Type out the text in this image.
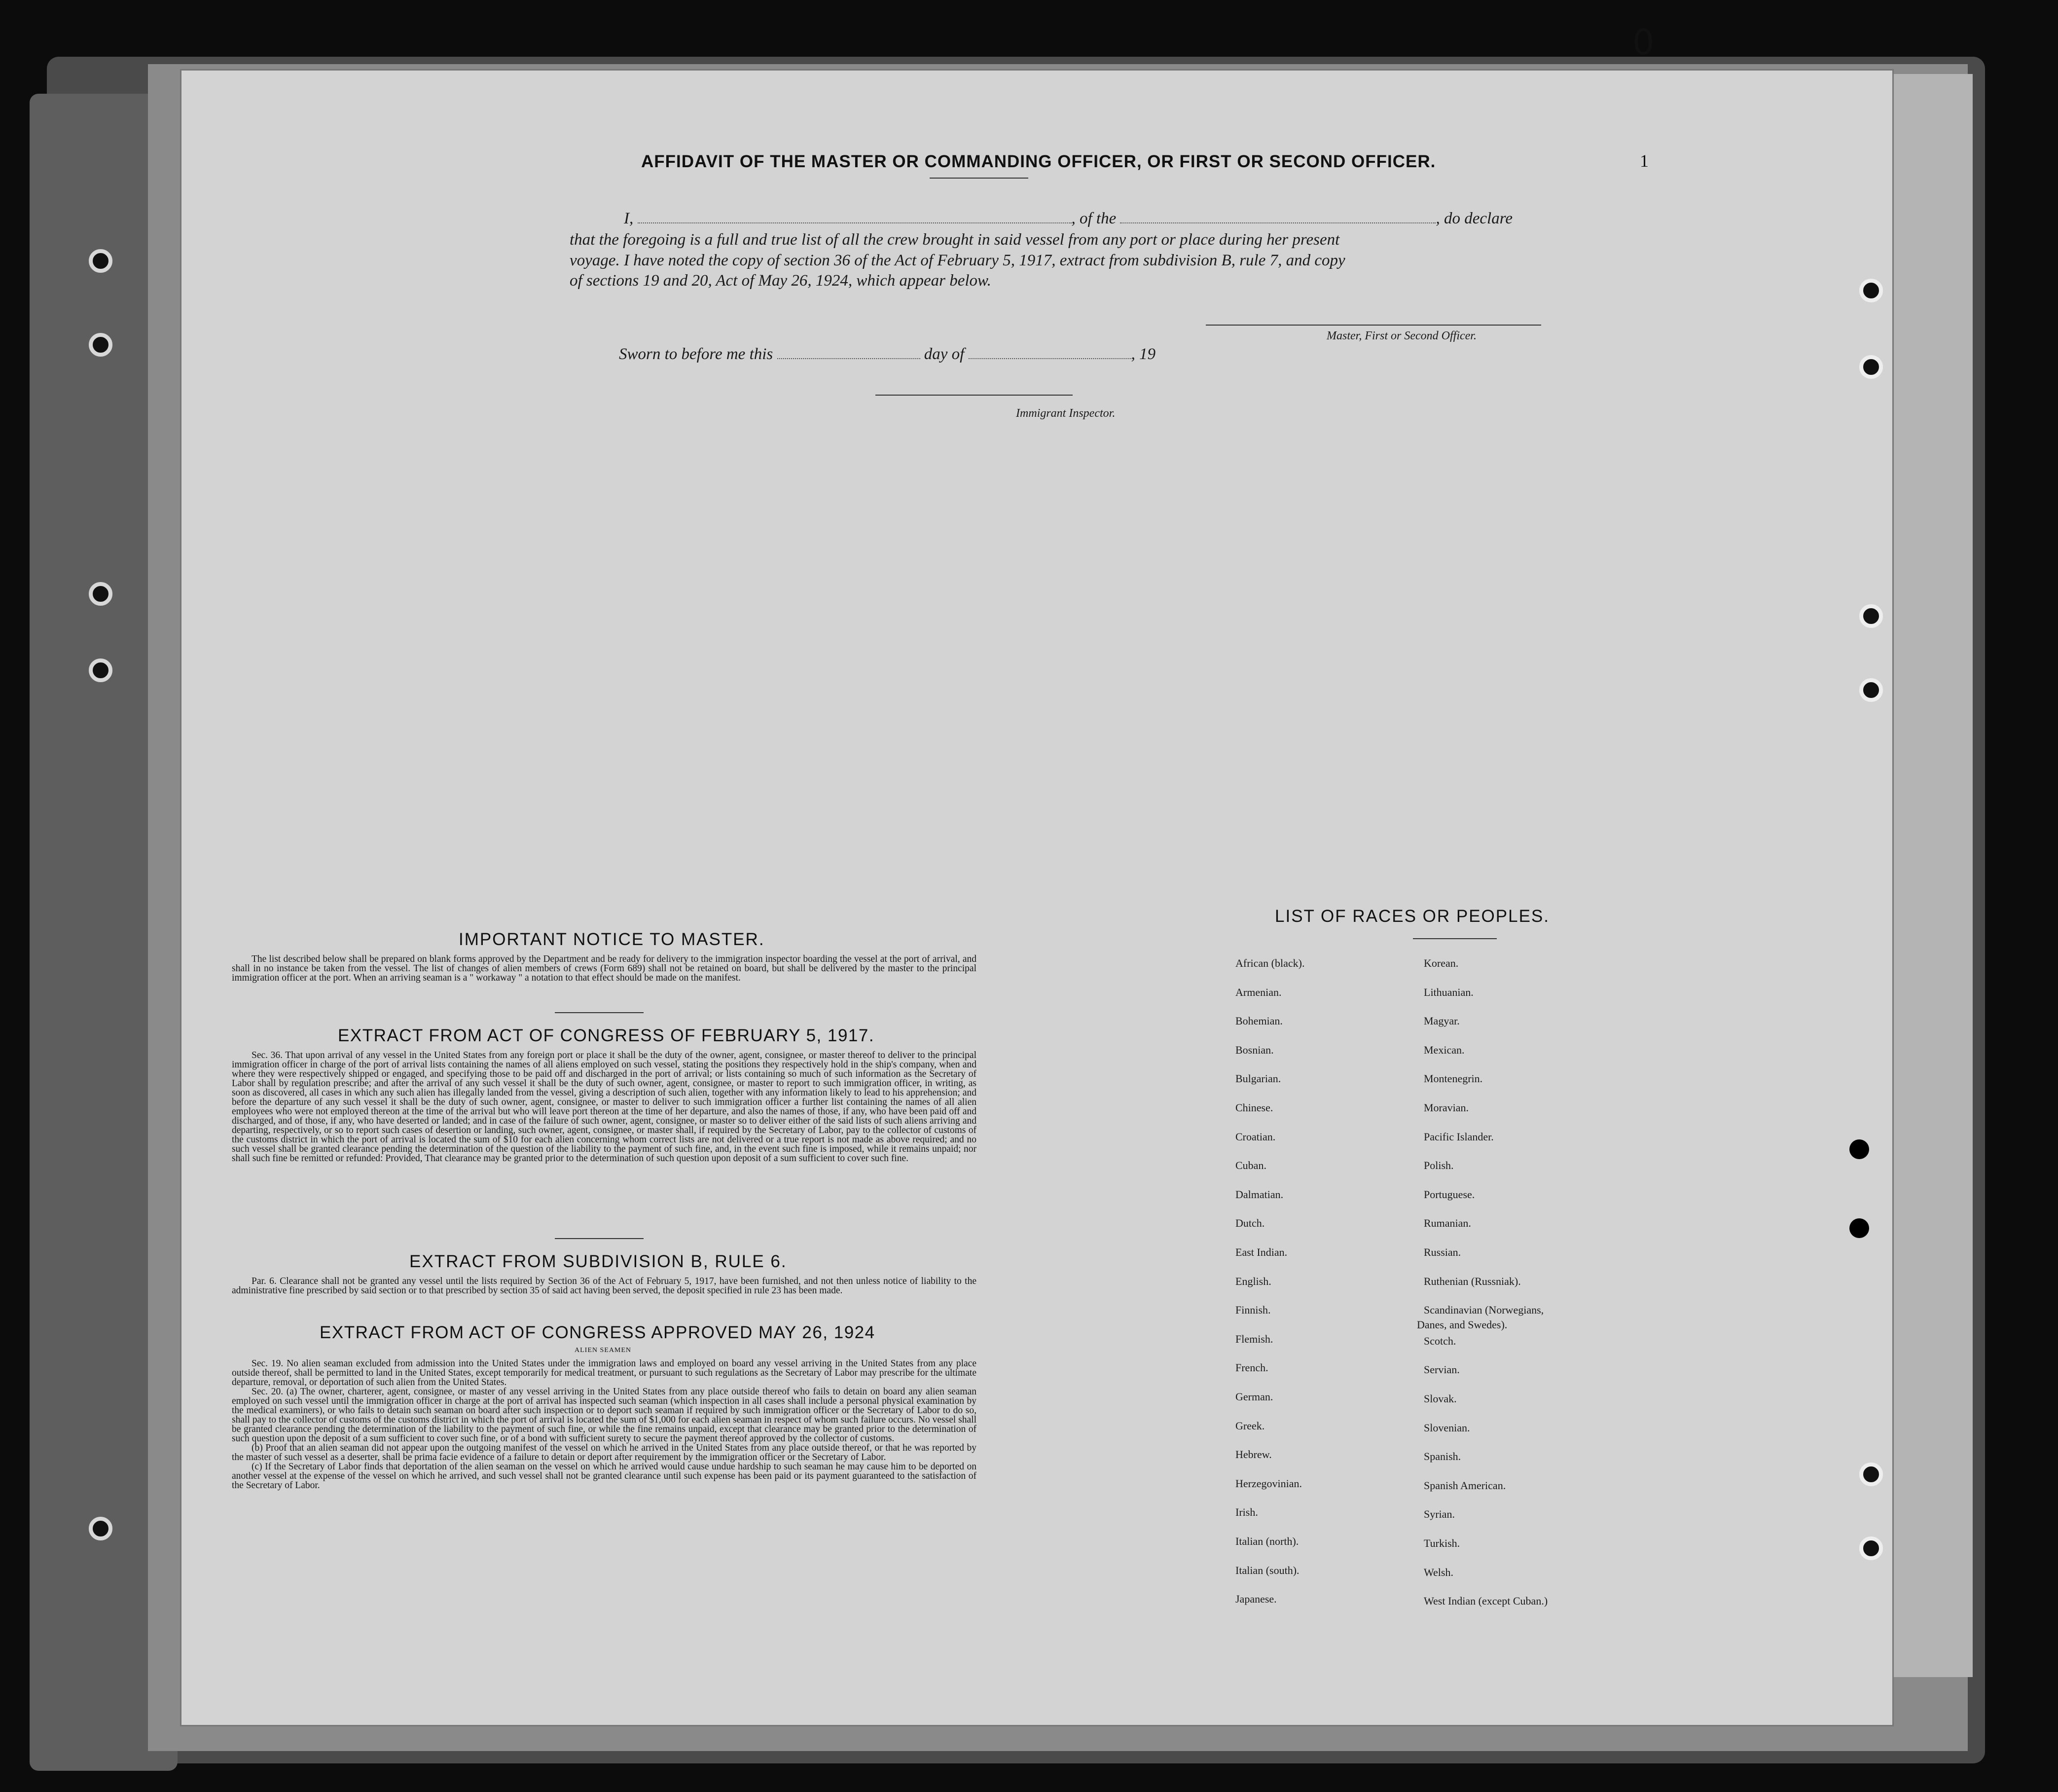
0
AFFIDAVIT OF THE MASTER OR COMMANDING OFFICER, OR FIRST OR SECOND OFFICER.	1
I,	, of the	, do declare
that the foregoing is a full and true list of all the crew brought in said vessel from any port or place during her present
voyage. I have noted the copy of section 36 of the Act of February 5, 1917, extract from subdivision B, rule 7, and copy
of sections 19 and 20, Act of May 26, 1924, which appear below.
Master, First or Second Officer.
Sworn to before me this	day of	, 19
Immigrant Inspector.
IMPORTANT NOTICE TO MASTER.

The list described below shall be prepared on blank forms approved by the Department and be ready for delivery to the immigration inspector boarding the vessel at the port of arrival, and shall in no instance be taken from the vessel. The list of changes of alien members of crews (Form 689) shall not be retained on board, but shall be delivered by the master to the principal immigration officer at the port. When an arriving seaman is a " workaway " a notation to that effect should be made on the manifest.

EXTRACT FROM ACT OF CONGRESS OF FEBRUARY 5, 1917.

Sec. 36. That upon arrival of any vessel in the United States from any foreign port or place it shall be the duty of the owner, agent, consignee, or master thereof to deliver to the principal immigration officer in charge of the port of arrival lists containing the names of all aliens employed on such vessel, stating the positions they respectively hold in the ship's company, when and where they were respectively shipped or engaged, and specifying those to be paid off and discharged in the port of arrival; or lists containing so much of such information as the Secretary of Labor shall by regulation prescribe; and after the arrival of any such vessel it shall be the duty of such owner, agent, consignee, or master to report to such immigration officer, in writing, as soon as discovered, all cases in which any such alien has illegally landed from the vessel, giving a description of such alien, together with any information likely to lead to his apprehension; and before the departure of any such vessel it shall be the duty of such owner, agent, consignee, or master to deliver to such immigration officer a further list containing the names of all alien employees who were not employed thereon at the time of the arrival but who will leave port thereon at the time of her departure, and also the names of those, if any, who have been paid off and discharged, and of those, if any, who have deserted or landed; and in case of the failure of such owner, agent, consignee, or master so to deliver either of the said lists of such aliens arriving and departing, respectively, or so to report such cases of desertion or landing, such owner, agent, consignee, or master shall, if required by the Secretary of Labor, pay to the collector of customs of the customs district in which the port of arrival is located the sum of $10 for each alien concerning whom correct lists are not delivered or a true report is not made as above required; and no such vessel shall be granted clearance pending the determination of the question of the liability to the payment of such fine, and, in the event such fine is imposed, while it remains unpaid; nor shall such fine be remitted or refunded: Provided, That clearance may be granted prior to the determination of such question upon deposit of a sum sufficient to cover such fine.

EXTRACT FROM SUBDIVISION B, RULE 6.

Par. 6. Clearance shall not be granted any vessel until the lists required by Section 36 of the Act of February 5, 1917, have been furnished, and not then unless notice of liability to the administrative fine prescribed by said section or to that prescribed by section 35 of said act having been served, the deposit specified in rule 23 has been made.

EXTRACT FROM ACT OF CONGRESS APPROVED MAY 26, 1924
ALIEN SEAMEN

Sec. 19. No alien seaman excluded from admission into the United States under the immigration laws and employed on board any vessel arriving in the United States from any place outside thereof, shall be permitted to land in the United States, except temporarily for medical treatment, or pursuant to such regulations as the Secretary of Labor may prescribe for the ultimate departure, removal, or deportation of such alien from the United States.

Sec. 20. (a) The owner, charterer, agent, consignee, or master of any vessel arriving in the United States from any place outside thereof who fails to detain on board any alien seaman employed on such vessel until the immigration officer in charge at the port of arrival has inspected such seaman (which inspection in all cases shall include a personal physical examination by the medical examiners), or who fails to detain such seaman on board after such inspection or to deport such seaman if required by such immigration officer or the Secretary of Labor to do so, shall pay to the collector of customs of the customs district in which the port of arrival is located the sum of $1,000 for each alien seaman in respect of whom such failure occurs. No vessel shall be granted clearance pending the determination of the liability to the payment of such fine, or while the fine remains unpaid, except that clearance may be granted prior to the determination of such question upon the deposit of a sum sufficient to cover such fine, or of a bond with sufficient surety to secure the payment thereof approved by the collector of customs.

(b) Proof that an alien seaman did not appear upon the outgoing manifest of the vessel on which he arrived in the United States from any place outside thereof, or that he was reported by the master of such vessel as a deserter, shall be prima facie evidence of a failure to detain or deport after requirement by the immigration officer or the Secretary of Labor.

(c) If the Secretary of Labor finds that deportation of the alien seaman on the vessel on which he arrived would cause undue hardship to such seaman he may cause him to be deported on another vessel at the expense of the vessel on which he arrived, and such vessel shall not be granted clearance until such expense has been paid or its payment guaranteed to the satisfaction of the Secretary of Labor.

LIST OF RACES OR PEOPLES.
African (black).
Armenian.
Bohemian.
Bosnian.
Bulgarian.
Chinese.
Croatian.
Cuban.
Dalmatian.
Dutch.
East Indian.
English.
Finnish.
Flemish.
French.
German.
Greek.
Hebrew.
Herzegovinian.
Irish.
Italian (north).
Italian (south).
Japanese.
Korean.
Lithuanian.
Magyar.
Mexican.
Montenegrin.
Moravian.
Pacific Islander.
Polish.
Portuguese.
Rumanian.
Russian.
Ruthenian (Russniak).
Scandinavian (Norwegians,
Scotch.
Servian.
Slovak.
Slovenian.
Spanish.
Spanish American.
Syrian.
Turkish.
Welsh.
West Indian (except Cuban.)
Danes, and Swedes).
